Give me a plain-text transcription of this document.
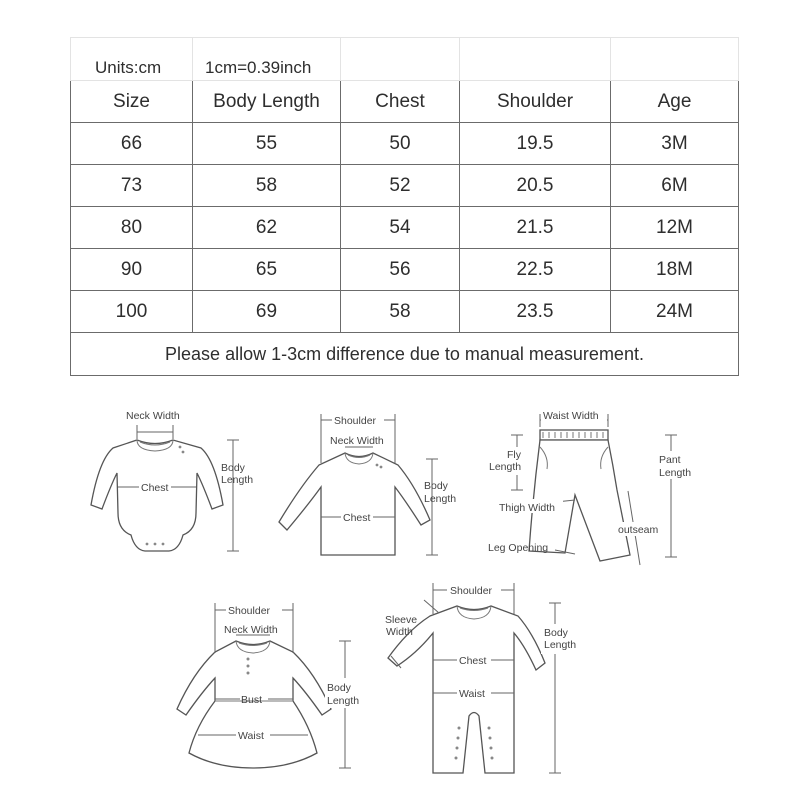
Units:cm	1cm=0.39inch			
Size	Body Length	Chest	Shoulder	Age
66	55	50	19.5	3M
73	58	52	20.5	6M
80	62	54	21.5	12M
90	65	56	22.5	18M
100	69	58	23.5	24M
Please allow 1-3cm difference due to manual measurement.				
Neck Width
Chest
Body
Length
Shoulder
Neck Width
Chest
Body
Length
Waist Width
Fly
Length
Pant
Length
Thigh Width
outseam
Leg Opening
Shoulder
Neck Width
Bust
Waist
Body
Length
Shoulder
Sleeve
Width
Chest
Waist
Body
Length
